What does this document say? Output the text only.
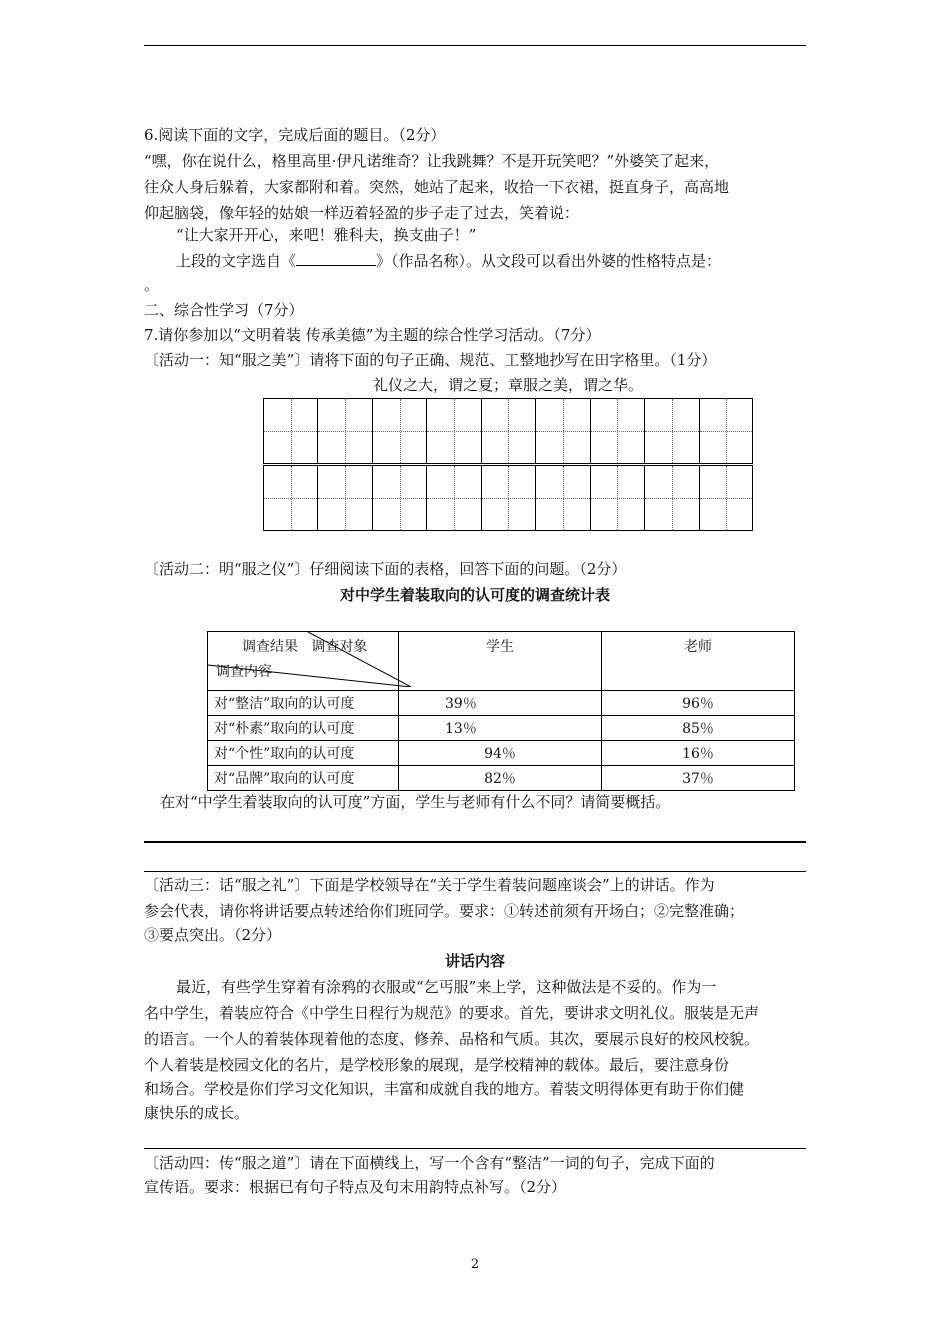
6.阅读下面的文字，完成后面的题目。（2分）
“嘿，你在说什么，格里高里·伊凡诺维奇？让我跳舞？不是开玩笑吧？”外婆笑了起来，
往众人身后躲着，大家都附和着。突然，她站了起来，收拾一下衣裙，挺直身子，高高地
仰起脑袋，像年轻的姑娘一样迈着轻盈的步子走了过去，笑着说：
“让大家开开心，来吧！雅科夫，换支曲子！”
上段的文字选自《	》（作品名称）。从文段可以看出外婆的性格特点是：
。
二、综合性学习（7分）
7.请你参加以“文明着装 传承美德”为主题的综合性学习活动。（7分）
〔活动一：知“服之美”〕请将下面的句子正确、规范、工整地抄写在田字格里。（1分）
礼仪之大，谓之夏；章服之美，谓之华。
〔活动二：明“服之仪”〕仔细阅读下面的表格，回答下面的问题。（2分）
对中学生着装取向的认可度的调查统计表
调查结果 调查对象
调查内容	学生	老师
对“整洁”取向的认可度	39％	96％
对“朴素”取向的认可度	13％	85％
对“个性”取向的认可度	94％	16％
对“品牌”取向的认可度	82％	37％
在对“中学生着装取向的认可度”方面，学生与老师有什么不同？请简要概括。
〔活动三：话“服之礼”〕下面是学校领导在“关于学生着装问题座谈会”上的讲话。作为
参会代表，请你将讲话要点转述给你们班同学。要求：①转述前须有开场白；②完整准确；
③要点突出。（2分）
讲话内容
最近，有些学生穿着有涂鸦的衣服或“乞丐服”来上学，这种做法是不妥的。作为一
名中学生，着装应符合《中学生日程行为规范》的要求。首先，要讲求文明礼仪。服装是无声
的语言。一个人的着装体现着他的态度、修养、品格和气质。其次，要展示良好的校风校貌。
个人着装是校园文化的名片，是学校形象的展现，是学校精神的载体。最后，要注意身份
和场合。学校是你们学习文化知识，丰富和成就自我的地方。着装文明得体更有助于你们健
康快乐的成长。
〔活动四：传“服之道”〕请在下面横线上，写一个含有“整洁”一词的句子，完成下面的
宣传语。要求：根据已有句子特点及句末用韵特点补写。（2分）
2
